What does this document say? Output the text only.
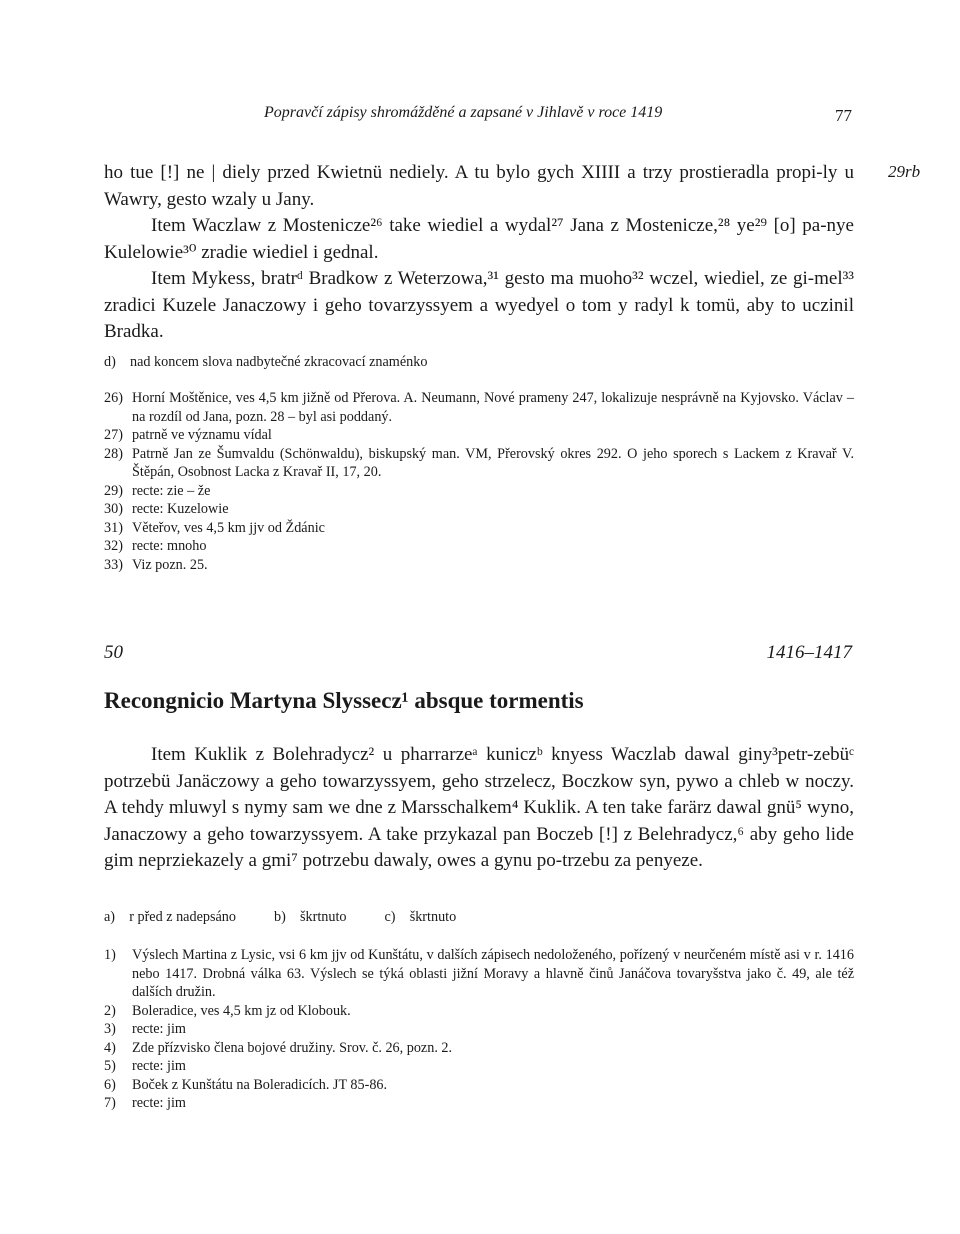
Popravčí zápisy shromážděné a zapsané v Jihlavě v roce 1419	77
29rb

ho tue [!] ne | diely przed Kwietnü nediely. A tu bylo gych XIIII a trzy prostieradla propi-ly u Wawry, gesto wzaly u Jany.

Item Waczlaw z Mostenicze²⁶ take wiediel a wydal²⁷ Jana z Mostenicze,²⁸ ye²⁹ [o] pa-nye Kulelowie³⁰ zradie wiediel i gednal.

Item Mykess, bratrᵈ Bradkow z Weterzowa,³¹ gesto ma muoho³² wczel, wiediel, ze gi-mel³³ zradici Kuzele Janaczowy i geho tovarzyssyem a wyedyel o tom y radyl k tomü, aby to uczinil Bradka.

d) nad koncem slova nadbytečné zkracovací znaménko
26) Horní Moštěnice, ves 4,5 km jižně od Přerova. A. Neumann, Nové prameny 247, lokalizuje nesprávně na Kyjovsko. Václav – na rozdíl od Jana, pozn. 28 – byl asi poddaný.
27) patrně ve významu vídal
28) Patrně Jan ze Šumvaldu (Schönwaldu), biskupský man. VM, Přerovský okres 292. O jeho sporech s Lackem z Kravař V. Štěpán, Osobnost Lacka z Kravař II, 17, 20.
29) recte: zie – že
30) recte: Kuzelowie
31) Věteřov, ves 4,5 km jjv od Ždánic
32) recte: mnoho
33) Viz pozn. 25.
50	1416–1417
Recongnicio Martyna Slyssecz¹ absque tormentis

Item Kuklik z Bolehradycz² u pharrarzeᵃ kuniczᵇ knyess Waczlab dawal giny³petr-zebüᶜ potrzebü Janäczowy a geho towarzyssyem, geho strzelecz, Boczkow syn, pywo a chleb w noczy. A tehdy mluwyl s nymy sam we dne z Marsschalkem⁴ Kuklik. A ten take farärz dawal gnü⁵ wyno, Janaczowy a geho towarzyssyem. A take przykazal pan Boczeb [!] z Belehradycz,⁶ aby geho lide gim neprziekazely a gmi⁷ potrzebu dawaly, owes a gynu po-trzebu za penyeze.

a) r před z nadepsáno	b) škrtnuto	c) škrtnuto
1)	Výslech Martina z Lysic, vsi 6 km jjv od Kunštátu, v dalších zápisech nedoloženého, pořízený v neurčeném místě asi v r. 1416 nebo 1417. Drobná válka 63. Výslech se týká oblasti jižní Moravy a hlavně činů Janáčova tovaryšstva jako č. 49, ale též dalších družin.
2)	Boleradice, ves 4,5 km jz od Klobouk.
3)	recte: jim
4)	Zde přízvisko člena bojové družiny. Srov. č. 26, pozn. 2.
5)	recte: jim
6)	Boček z Kunštátu na Boleradicích. JT 85-86.
7)	recte: jim
